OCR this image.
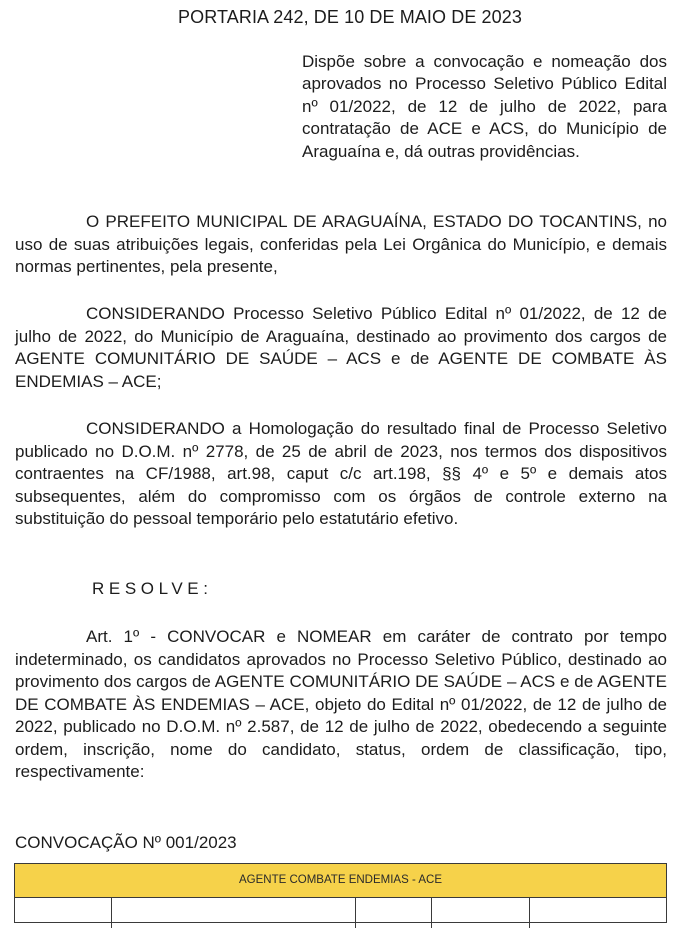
PORTARIA 242, DE 10 DE MAIO DE 2023
Dispõe sobre a convocação e nomeação dos aprovados no Processo Seletivo Público Edital nº 01/2022, de 12 de julho de 2022, para contratação de ACE e ACS, do Município de Araguaína e, dá outras providências.

O PREFEITO MUNICIPAL DE ARAGUAÍNA, ESTADO DO TOCANTINS, no uso de suas atribuições legais, conferidas pela Lei Orgânica do Município, e demais normas pertinentes, pela presente,

CONSIDERANDO Processo Seletivo Público Edital nº 01/2022, de 12 de julho de 2022, do Município de Araguaína, destinado ao provimento dos cargos de AGENTE COMUNITÁRIO DE SAÚDE – ACS e de AGENTE DE COMBATE ÀS ENDEMIAS – ACE;

CONSIDERANDO a Homologação do resultado final de Processo Seletivo publicado no D.O.M. nº 2778, de 25 de abril de 2023, nos termos dos dispositivos contraentes na CF/1988, art.98, caput c/c art.198, §§ 4º e 5º e demais atos subsequentes, além do compromisso com os órgãos de controle externo na substituição do pessoal temporário pelo estatutário efetivo.

RESOLVE:

Art. 1º - CONVOCAR e NOMEAR em caráter de contrato por tempo indeterminado, os candidatos aprovados no Processo Seletivo Público, destinado ao provimento dos cargos de AGENTE COMUNITÁRIO DE SAÚDE – ACS e de AGENTE DE COMBATE ÀS ENDEMIAS – ACE, objeto do Edital nº 01/2022, de 12 de julho de 2022, publicado no D.O.M. nº 2.587, de 12 de julho de 2022, obedecendo a seguinte ordem, inscrição, nome do candidato, status, ordem de classificação, tipo, respectivamente:

CONVOCAÇÃO Nº 001/2023
AGENTE COMBATE ENDEMIAS - ACE
